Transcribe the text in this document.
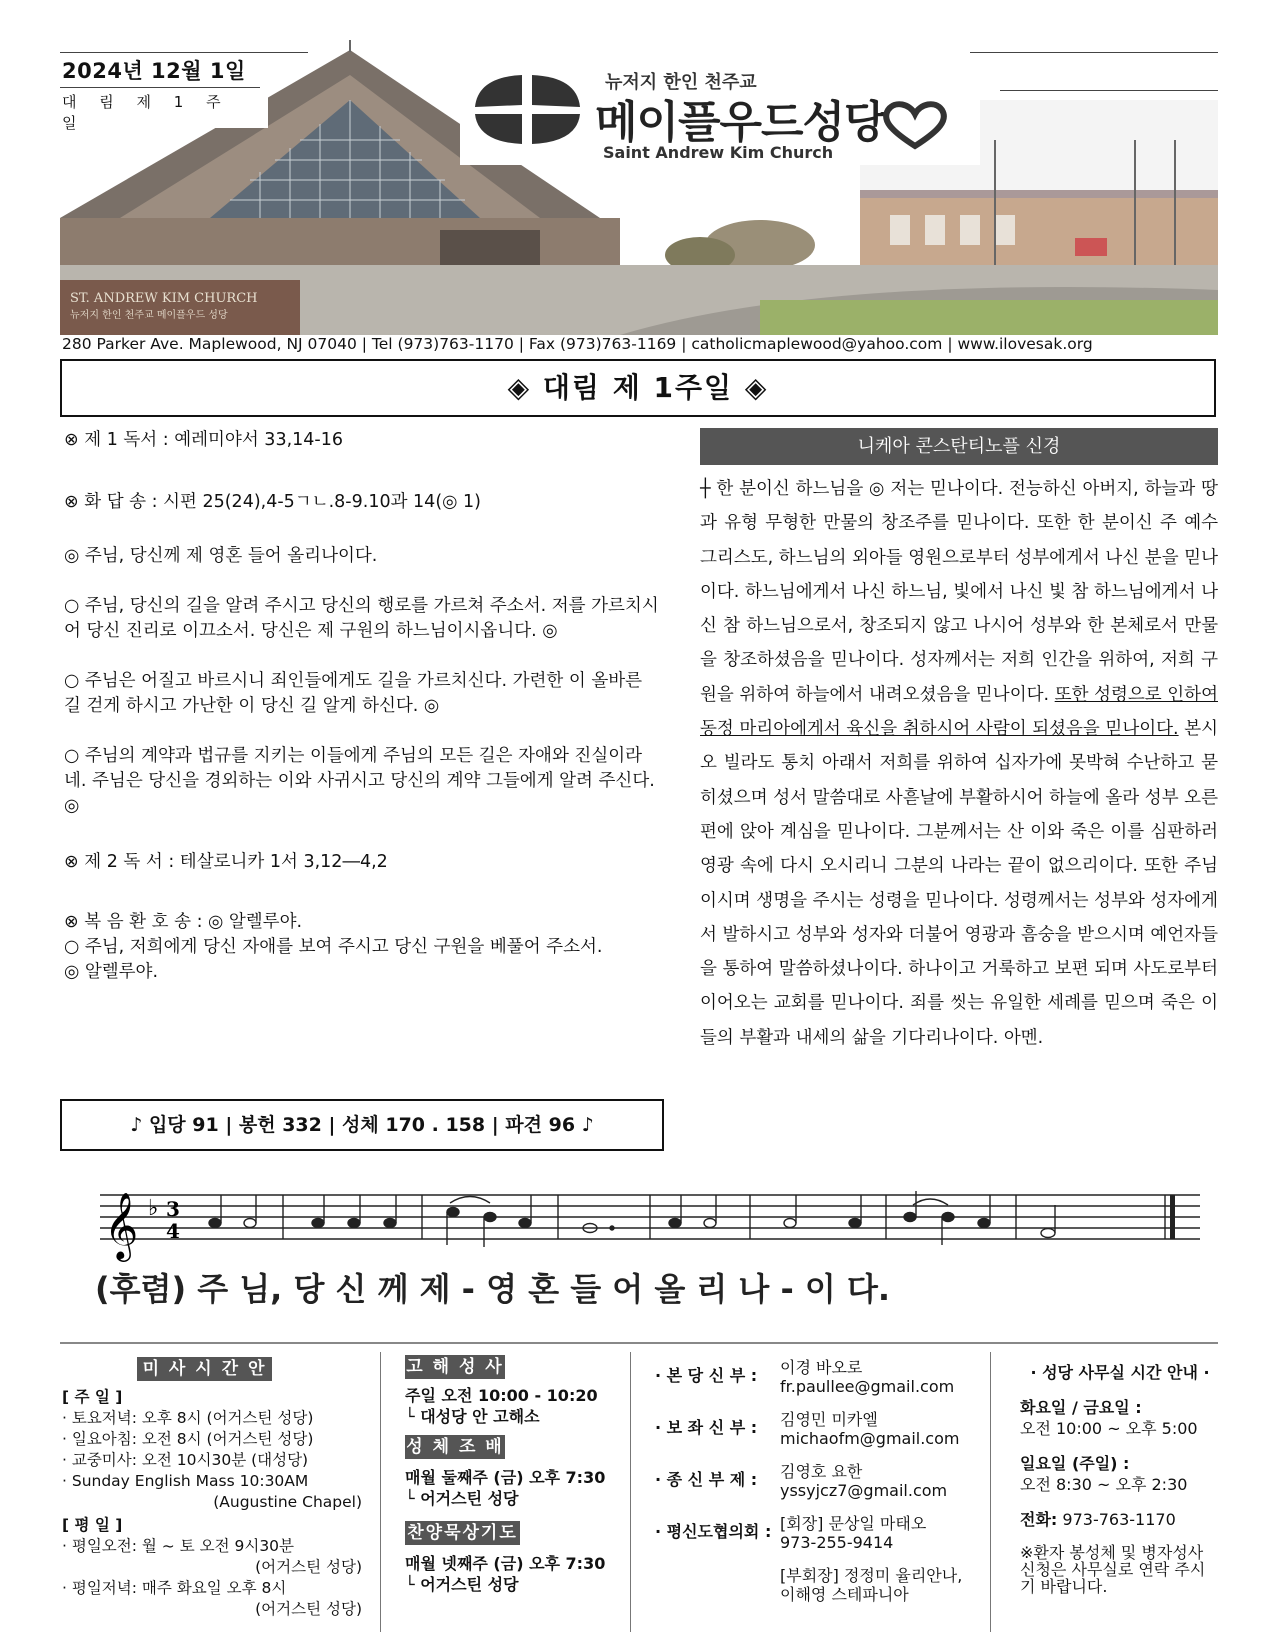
ST. ANDREW KIM CHURCH
뉴저지 한인 천주교 메이플우드 성당
2024년 12월 1일
대 림 제 1 주 일
뉴저지 한인 천주교
메이플우드성당
Saint Andrew Kim Church
280 Parker Ave. Maplewood, NJ 07040 | Tel (973)763-1170 | Fax (973)763-1169 | catholicmaplewood@yahoo.com | www.ilovesak.org
◈ 대림 제 1주일 ◈

⊗ 제 1 독서 : 예레미야서 33,14-16

⊗ 화 답 송 : 시편 25(24),4-5ㄱㄴ.8-9.10과 14(◎ 1)

◎ 주님, 당신께 제 영혼 들어 올리나이다.

○ 주님, 당신의 길을 알려 주시고 당신의 행로를 가르쳐 주소서. 저를 가르치시어 당신 진리로 이끄소서. 당신은 제 구원의 하느님이시옵니다. ◎

○ 주님은 어질고 바르시니 죄인들에게도 길을 가르치신다. 가련한 이 올바른 길 걷게 하시고 가난한 이 당신 길 알게 하신다. ◎

○ 주님의 계약과 법규를 지키는 이들에게 주님의 모든 길은 자애와 진실이라네. 주님은 당신을 경외하는 이와 사귀시고 당신의 계약 그들에게 알려 주신다. ◎

⊗ 제 2 독 서 : 테살로니카 1서 3,12―4,2

⊗ 복 음 환 호 송 : ◎ 알렐루야.

○ 주님, 저희에게 당신 자애를 보여 주시고 당신 구원을 베풀어 주소서.

◎ 알렐루야.

♪ 입당 91 | 봉헌 332 | 성체 170 . 158 | 파견 96 ♪
니케아 콘스탄티노플 신경
┼ 한 분이신 하느님을 ◎ 저는 믿나이다. 전능하신 아버지, 하늘과 땅과 유형 무형한 만물의 창조주를 믿나이다. 또한 한 분이신 주 예수 그리스도, 하느님의 외아들 영원으로부터 성부에게서 나신 분을 믿나이다. 하느님에게서 나신 하느님, 빛에서 나신 빛 참 하느님에게서 나신 참 하느님으로서, 창조되지 않고 나시어 성부와 한 본체로서 만물을 창조하셨음을 믿나이다. 성자께서는 저희 인간을 위하여, 저희 구원을 위하여 하늘에서 내려오셨음을 믿나이다. 또한 성령으로 인하여 동정 마리아에게서 육신을 취하시어 사람이 되셨음을 믿나이다. 본시오 빌라도 통치 아래서 저희를 위하여 십자가에 못박혀 수난하고 묻히셨으며 성서 말씀대로 사흗날에 부활하시어 하늘에 올라 성부 오른편에 앉아 계심을 믿나이다. 그분께서는 산 이와 죽은 이를 심판하러 영광 속에 다시 오시리니 그분의 나라는 끝이 없으리이다. 또한 주님이시며 생명을 주시는 성령을 믿나이다. 성령께서는 성부와 성자에게서 발하시고 성부와 성자와 더불어 영광과 흠숭을 받으시며 예언자들을 통하여 말씀하셨나이다. 하나이고 거룩하고 보편 되며 사도로부터 이어오는 교회를 믿나이다. 죄를 씻는 유일한 세례를 믿으며 죽은 이들의 부활과 내세의 삶을 기다리나이다. 아멘.
𝄞 ♭ 3
4
(후렴) 주 님, 당 신 께 제 - 영 혼 들 어 올 리 나 - 이 다.
미 사 시 간 안 내
[ 주 일 ]
· 토요저녁: 오후 8시 (어거스틴 성당)
· 일요아침: 오전 8시 (어거스틴 성당)
· 교중미사: 오전 10시30분 (대성당)
· Sunday English Mass 10:30AM
(Augustine Chapel)
[ 평 일 ]
· 평일오전: 월 ~ 토 오전 9시30분
(어거스틴 성당)
· 평일저녁: 매주 화요일 오후 8시
(어거스틴 성당)
고 해 성 사
주일 오전 10:00 - 10:20
└ 대성당 안 고해소
성 체 조 배
매월 둘째주 (금) 오후 7:30
└ 어거스틴 성당
찬양묵상기도
매월 넷째주 (금) 오후 7:30
└ 어거스틴 성당
· 본 당 신 부 :	이경 바오로
fr.paullee@gmail.com
· 보 좌 신 부 :	김영민 미카엘
michaofm@gmail.com
· 종 신 부 제 :	김영호 요한
yssyjcz7@gmail.com
· 평신도협의회 : [회장] 문상일 마태오
973-255-9414
[부회장] 정정미 율리안나,
이해영 스테파니아
· 성당 사무실 시간 안내 ·
화요일 / 금요일 :
오전 10:00 ~ 오후 5:00
일요일 (주일) :
오전 8:30 ~ 오후 2:30
전화: 973-763-1170
※환자 봉성체 및 병자성사 신청은 사무실로 연락 주시기 바랍니다.
